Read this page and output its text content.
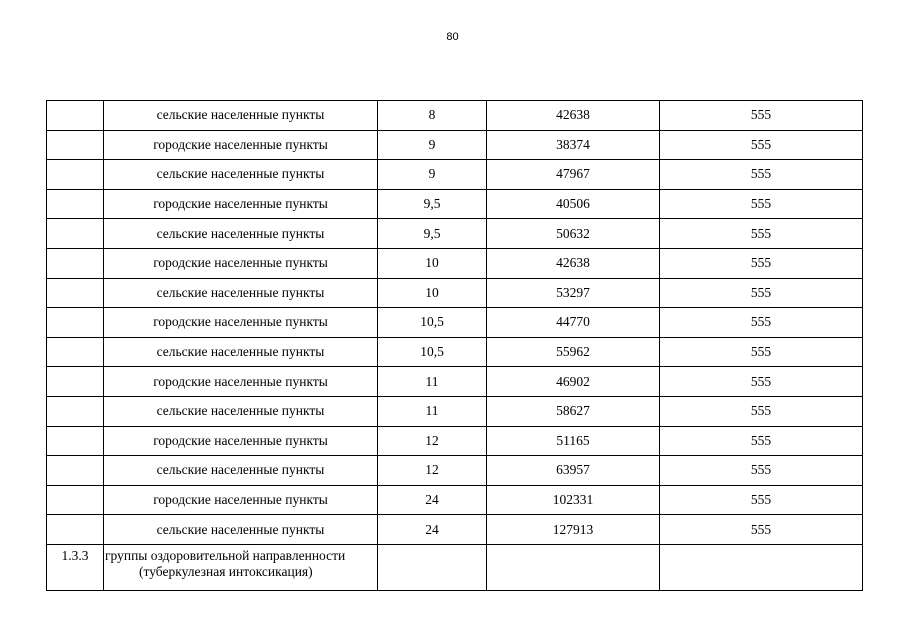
80
	сельские населенные пункты	8	42638	555
	городские населенные пункты	9	38374	555
	сельские населенные пункты	9	47967	555
	городские населенные пункты	9,5	40506	555
	сельские населенные пункты	9,5	50632	555
	городские населенные пункты	10	42638	555
	сельские населенные пункты	10	53297	555
	городские населенные пункты	10,5	44770	555
	сельские населенные пункты	10,5	55962	555
	городские населенные пункты	11	46902	555
	сельские населенные пункты	11	58627	555
	городские населенные пункты	12	51165	555
	сельские населенные пункты	12	63957	555
	городские населенные пункты	24	102331	555
	сельские населенные пункты	24	127913	555
1.3.3	группы оздоровительной направленности
(туберкулезная интоксикация)			
